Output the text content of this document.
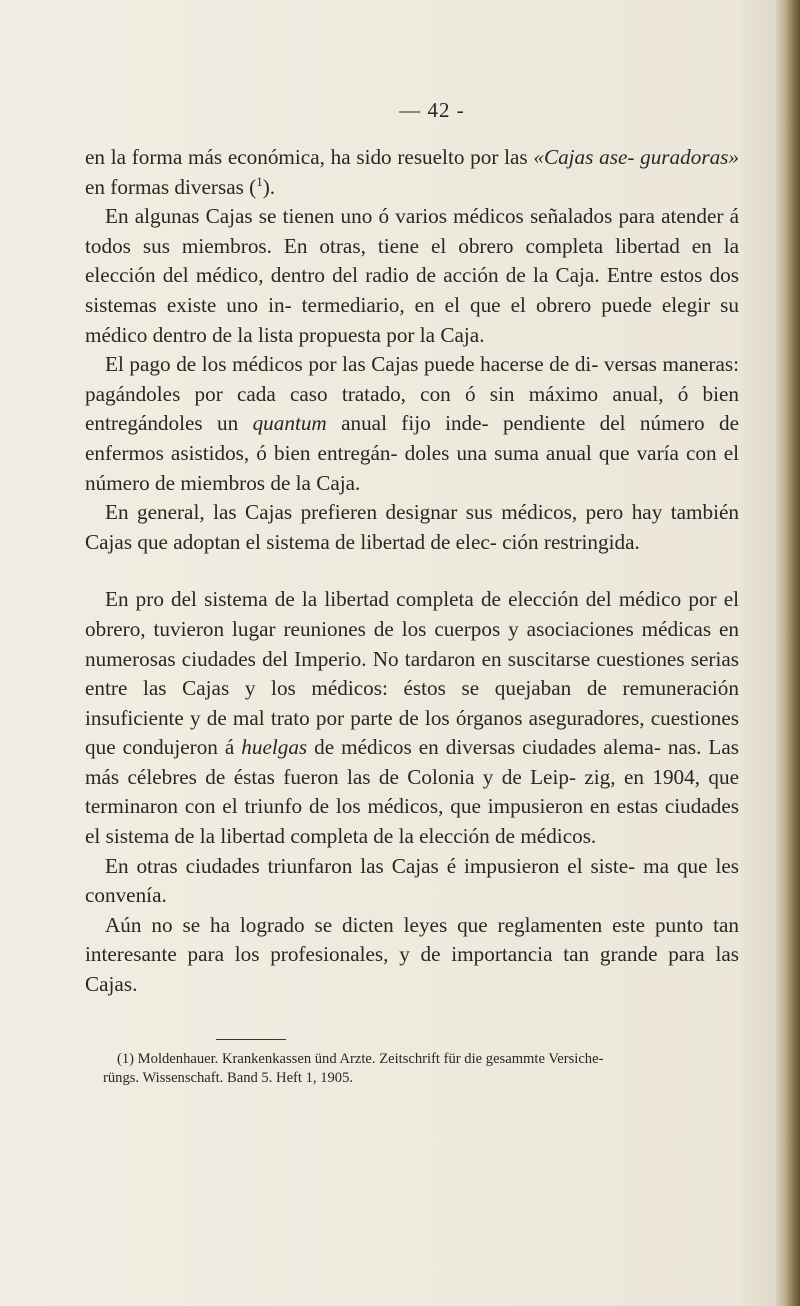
— 42 -

en la forma más económica, ha sido resuelto por las «Cajas ase- guradoras» en formas diversas ($^1$).

En algunas Cajas se tienen uno ó varios médicos señalados para atender á todos sus miembros. En otras, tiene el obrero completa libertad en la elección del médico, dentro del radio de acción de la Caja. Entre estos dos sistemas existe uno in- termediario, en el que el obrero puede elegir su médico dentro de la lista propuesta por la Caja.

El pago de los médicos por las Cajas puede hacerse de di- versas maneras: pagándoles por cada caso tratado, con ó sin máximo anual, ó bien entregándoles un quantum anual fijo inde- pendiente del número de enfermos asistidos, ó bien entregán- doles una suma anual que varía con el número de miembros de la Caja.

En general, las Cajas prefieren designar sus médicos, pero hay también Cajas que adoptan el sistema de libertad de elec- ción restringida.

En pro del sistema de la libertad completa de elección del médico por el obrero, tuvieron lugar reuniones de los cuerpos y asociaciones médicas en numerosas ciudades del Imperio. No tardaron en suscitarse cuestiones serias entre las Cajas y los médicos: éstos se quejaban de remuneración insuficiente y de mal trato por parte de los órganos aseguradores, cuestiones que condujeron á huelgas de médicos en diversas ciudades alema- nas. Las más célebres de éstas fueron las de Colonia y de Leip- zig, en 1904, que terminaron con el triunfo de los médicos, que impusieron en estas ciudades el sistema de la libertad completa de la elección de médicos.

En otras ciudades triunfaron las Cajas é impusieron el siste- ma que les convenía.

Aún no se ha logrado se dicten leyes que reglamenten este punto tan interesante para los profesionales, y de importancia tan grande para las Cajas.

(1) Moldenhauer. Krankenkassen ünd Arzte. Zeitschrift für die gesammte Versiche-

rüngs. Wissenschaft. Band 5. Heft 1, 1905.
